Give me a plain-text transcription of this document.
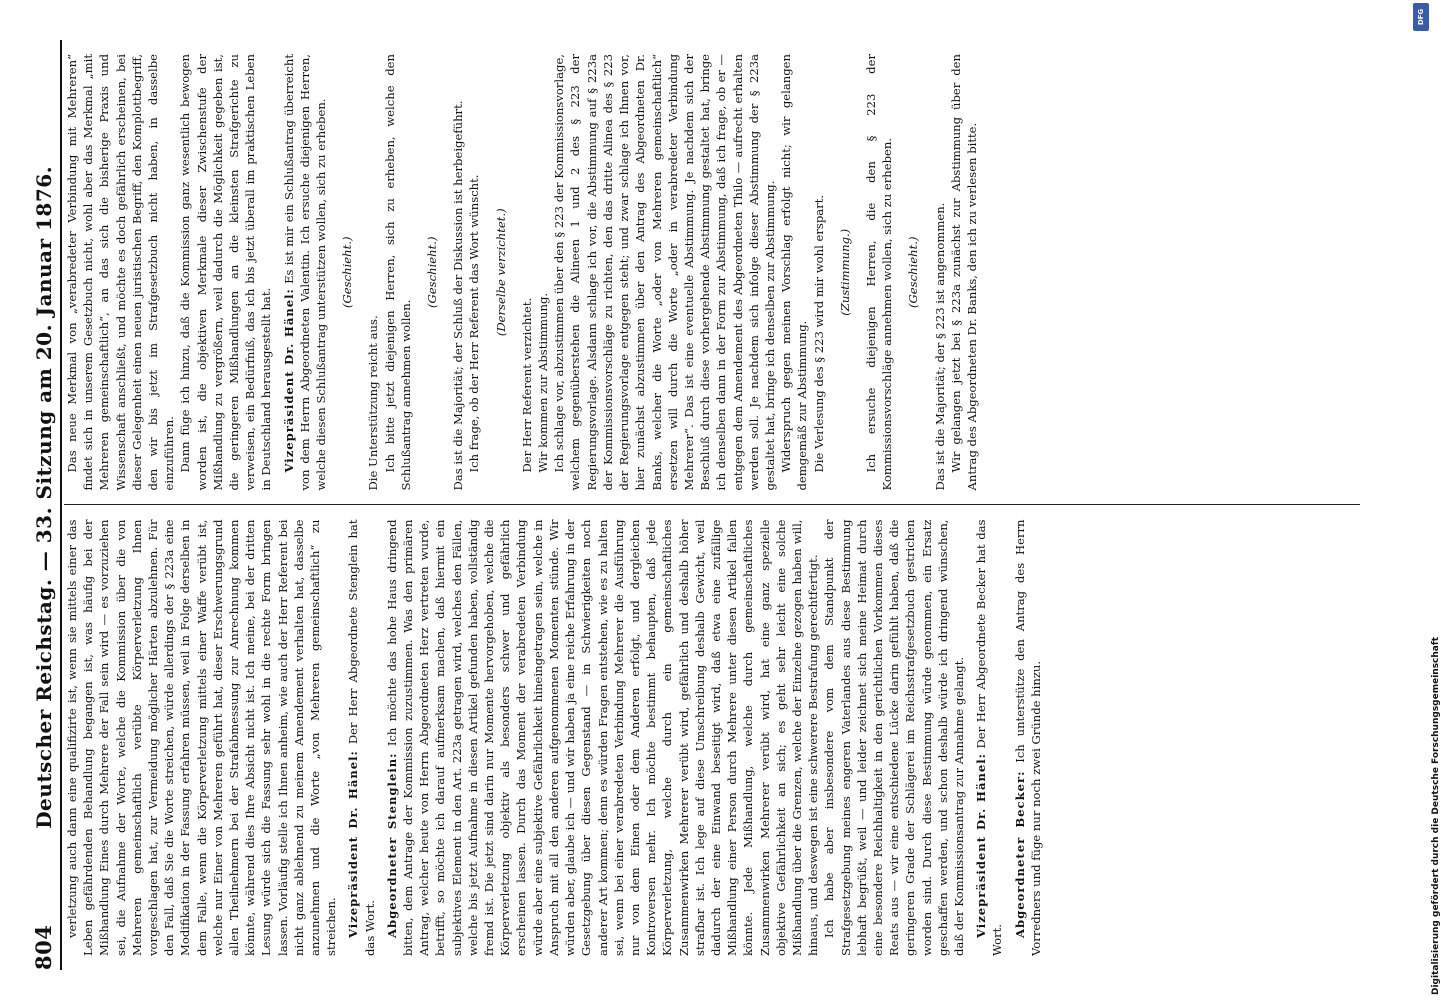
804
Deutscher Reichstag. — 33. Sitzung am 20. Januar 1876. verletzung auch dann eine qualifizirte ist, wenn sie mittels einer das Leben gefährdenden Behandlung begangen ist, was häufig bei der Mißhandlung Eines durch Mehrere der Fall sein wird — es vorzuziehen sei, die Aufnahme der Worte, welche die Kommission über die von Mehreren gemeinschaftlich verübte Körperverletzung Ihnen vorgeschlagen hat, zur Vermeidung möglicher Härten abzulehnen. Für den Fall, daß Sie die Worte streichen, würde allerdings der § 223a eine Modifikation in der Fassung erfahren müssen, weil in Folge derselben in dem Falle, wenn die Körperverletzung mittels einer Waffe verübt ist, welche nur Einer von Mehreren geführt hat, dieser Erschwerungsgrund allen Theilnehmern bei der Strafabmessung zur Anrechnung kommen könnte, während dies Ihre Absicht nicht ist. Ich meine, bei der dritten Lesung würde sich die Fassung sehr wohl in die rechte Form bringen lassen. Vorläufig stelle ich Ihnen anheim, wie auch der Herr Referent bei nicht ganz ablehnend zu meinem Amendement verhalten hat, dasselbe anzunehmen und die Worte „von Mehreren gemeinschaftlich“ zu streichen. Vizepräsident Dr. Hänel: Der Herr Abgeordnete Stenglein hat das Wort. Abgeordneter Stenglein: Ich möchte das hohe Haus dringend bitten, dem Antrage der Kommission zuzustimmen. Was den primären Antrag, welcher heute von Herrn Abgeordneten Herz vertreten wurde, betrifft, so möchte ich darauf aufmerksam machen, daß hiermit ein subjektives Element in den Art. 223a getragen wird, welches den Fällen, welche bis jetzt Aufnahme in diesen Artikel gefunden haben, vollständig fremd ist. Die jetzt sind darin nur Momente hervorgehoben, welche die Körperverletzung objektiv als besonders schwer und gefährlich erscheinen lassen. Durch das Moment der verabredeten Verbindung würde aber eine subjektive Gefährlichkeit hineingetragen sein, welche in Anspruch mit all den anderen aufgenommenen Momenten stünde. Wir würden aber, glaube ich — und wir haben ja eine reiche Erfahrung in der Gesetzgebung über diesen Gegenstand — in Schwierigkeiten noch anderer Art kommen; denn es würden Fragen entstehen, wie es zu halten sei, wenn bei einer verabredeten Verbindung Mehrerer die Ausführung nur von dem Einen oder dem Anderen erfolgt, und dergleichen Kontroversen mehr. Ich möchte bestimmt behaupten, daß jede Körperverletzung, welche durch ein gemeinschaftliches Zusammenwirken Mehrerer verübt wird, gefährlich und deshalb höher strafbar ist. Ich lege auf diese Umschreibung deshalb Gewicht, weil dadurch der eine Einwand beseitigt wird, daß etwa eine zufällige Mißhandlung einer Person durch Mehrere unter diesen Artikel fallen könnte. Jede Mißhandlung, welche durch gemeinschaftliches Zusammenwirken Mehrerer verübt wird, hat eine ganz spezielle objektive Gefährlichkeit an sich; es geht sehr leicht eine solche Mißhandlung über die Grenzen, welche der Einzelne gezogen haben will, hinaus, und deswegen ist eine schwerere Bestrafung gerechtfertigt. Ich habe aber insbesondere vom dem Standpunkt der Strafgesetzgebung meines engeren Vaterlandes aus diese Bestimmung lebhaft begrüßt, weil — und leider zeichnet sich meine Heimat durch eine besondere Reichhaltigkeit in den gerichtlichen Vorkommen dieses Reats aus — wir eine entschiedene Lücke darin gefühlt haben, daß die geringeren Grade der Schlägerei im Reichsstrafgesetzbuch gestrichen worden sind. Durch diese Bestimmung würde genommen, ein Ersatz geschaffen werden, und schon deshalb würde ich dringend wünschen, daß der Kommissionsantrag zur Annahme gelangt. Vizepräsident Dr. Hänel: Der Herr Abgeordnete Becker hat das Wort.

Abgeordneter Becker: Ich unterstütze den Antrag des Herrn Vorredners und füge nur noch zwei Gründe hinzu.

Das neue Merkmal von „verabredeter Verbindung mit Mehreren“ findet sich in unserem Gesetzbuch nicht, wohl aber das Merkmal „mit Mehreren gemeinschaftlich“, an das sich die bisherige Praxis und Wissenschaft anschließt, und möchte es doch gefährlich erscheinen, bei dieser Gelegenheit einen neuen juristischen Begriff, den Komplottbegriff, den wir bis jetzt im Strafgesetzbuch nicht haben, in dasselbe einzuführen. Dann füge ich hinzu, daß die Kommission ganz wesentlich bewogen worden ist, die objektiven Merkmale dieser Zwischenstufe der Mißhandlung zu vergrößern, weil dadurch die Möglichkeit gegeben ist, die geringeren Mißhandlungen an die kleinsten Strafgerichte zu verweisen, ein Bedürfniß, das ich bis jetzt überall im praktischen Leben in Deutschland herausgestellt hat. Vizepräsident Dr. Hänel: Es ist mir ein Schlußantrag überreicht von dem Herrn Abgeordneten Valentin. Ich ersuche diejenigen Herren, welche diesen Schlußantrag unterstützen wollen, sich zu erheben. (Geschieht.)

Die Unterstützung reicht aus. Ich bitte jetzt diejenigen Herren, sich zu erheben, welche den Schlußantrag annehmen wollen.

(Geschieht.) Das ist die Majorität; der Schluß der Diskussion ist herbeigeführt. Ich frage, ob der Herr Referent das Wort wünscht. (Derselbe verzichtet.)

Der Herr Referent verzichtet. Wir kommen zur Abstimmung. Ich schlage vor, abzustimmen über den § 223 der Kommissionsvorlage, welchem gegenüberstehen die Alineen 1 und 2 des § 223 der Regierungsvorlage. Alsdann schlage ich vor, die Abstimmung auf § 223a der Kommissionsvorschläge zu richten, den das dritte Alinea des § 223 der Regierungsvorlage entgegen steht; und zwar schlage ich Ihnen vor, hier zunächst abzustimmen über den Antrag des Abgeordneten Dr. Banks, welcher die Worte „oder von Mehreren gemeinschaftlich“ ersetzen will durch die Worte „oder in verabredeter Verbindung Mehrerer“. Das ist eine eventuelle Abstimmung. Je nachdem sich der Beschluß durch diese vorhergehende Abstimmung gestaltet hat, bringe ich denselben dann in der Form zur Abstimmung, daß ich frage, ob er — entgegen dem Amendement des Abgeordneten Thilo — aufrecht erhalten werden soll. Je nachdem sich infolge dieser Abstimmung der § 223a gestaltet hat, bringe ich denselben zur Abstimmung. Widerspruch gegen meinen Vorschlag erfolgt nicht; wir gelangen demgemäß zur Abstimmung. Die Verlesung des § 223 wird mir wohl erspart. (Zustimmung.) Ich ersuche diejenigen Herren, die den § 223 der Kommissionsvorschläge annehmen wollen, sich zu erheben. (Geschieht.) Das ist die Majorität; der § 223 ist angenommen. Wir gelangen jetzt bei § 223a zunächst zur Abstimmung über den Antrag des Abgeordneten Dr. Banks, den ich zu verlesen bitte.

DFG
Digitalisierung gefördert durch die Deutsche Forschungsgemeinschaft
